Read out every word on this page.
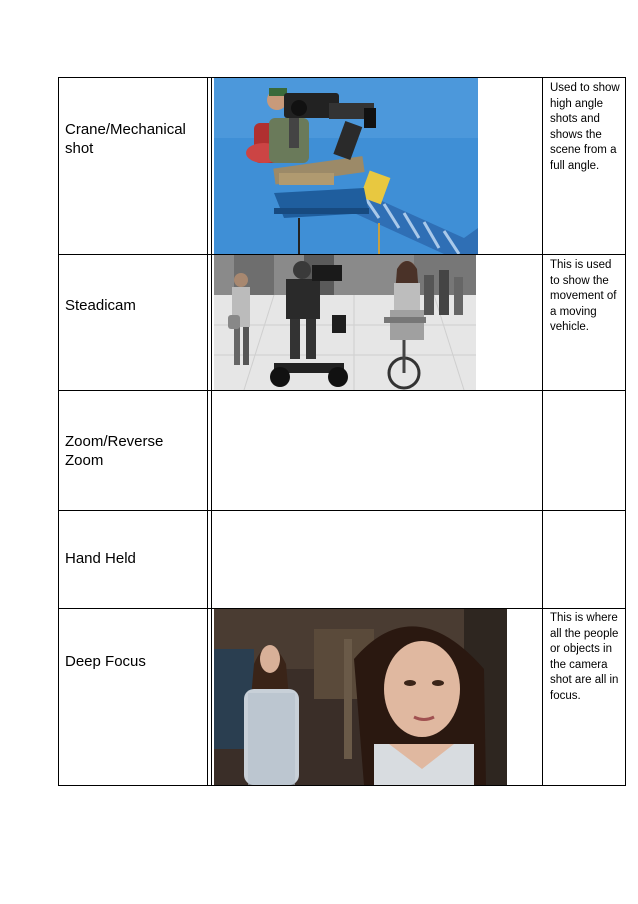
Crane/Mechanical shot
Used to show high angle shots and shows the scene from a full angle.
Steadicam
This is used to show the movement of a moving vehicle.
Zoom/Reverse Zoom
Hand Held
Deep Focus
This is where all the people or objects in the camera shot are all in focus.
